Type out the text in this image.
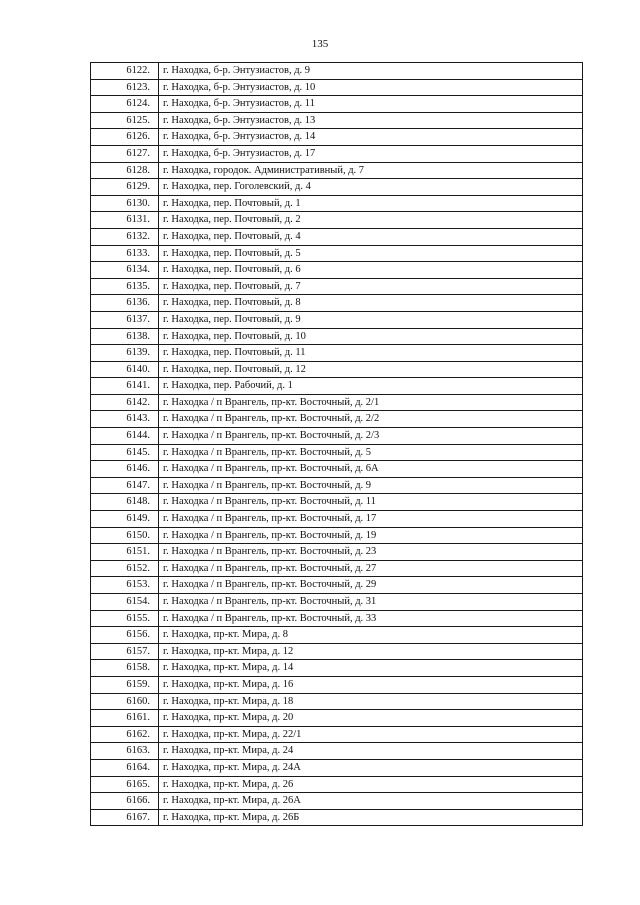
135
6122.	г. Находка, б-р. Энтузиастов, д. 9
6123.	г. Находка, б-р. Энтузиастов, д. 10
6124.	г. Находка, б-р. Энтузиастов, д. 11
6125.	г. Находка, б-р. Энтузиастов, д. 13
6126.	г. Находка, б-р. Энтузиастов, д. 14
6127.	г. Находка, б-р. Энтузиастов, д. 17
6128.	г. Находка, городок. Административный, д. 7
6129.	г. Находка, пер. Гоголевский, д. 4
6130.	г. Находка, пер. Почтовый, д. 1
6131.	г. Находка, пер. Почтовый, д. 2
6132.	г. Находка, пер. Почтовый, д. 4
6133.	г. Находка, пер. Почтовый, д. 5
6134.	г. Находка, пер. Почтовый, д. 6
6135.	г. Находка, пер. Почтовый, д. 7
6136.	г. Находка, пер. Почтовый, д. 8
6137.	г. Находка, пер. Почтовый, д. 9
6138.	г. Находка, пер. Почтовый, д. 10
6139.	г. Находка, пер. Почтовый, д. 11
6140.	г. Находка, пер. Почтовый, д. 12
6141.	г. Находка, пер. Рабочий, д. 1
6142.	г. Находка / п Врангель, пр-кт. Восточный, д. 2/1
6143.	г. Находка / п Врангель, пр-кт. Восточный, д. 2/2
6144.	г. Находка / п Врангель, пр-кт. Восточный, д. 2/3
6145.	г. Находка / п Врангель, пр-кт. Восточный, д. 5
6146.	г. Находка / п Врангель, пр-кт. Восточный, д. 6А
6147.	г. Находка / п Врангель, пр-кт. Восточный, д. 9
6148.	г. Находка / п Врангель, пр-кт. Восточный, д. 11
6149.	г. Находка / п Врангель, пр-кт. Восточный, д. 17
6150.	г. Находка / п Врангель, пр-кт. Восточный, д. 19
6151.	г. Находка / п Врангель, пр-кт. Восточный, д. 23
6152.	г. Находка / п Врангель, пр-кт. Восточный, д. 27
6153.	г. Находка / п Врангель, пр-кт. Восточный, д. 29
6154.	г. Находка / п Врангель, пр-кт. Восточный, д. 31
6155.	г. Находка / п Врангель, пр-кт. Восточный, д. 33
6156.	г. Находка, пр-кт. Мира, д. 8
6157.	г. Находка, пр-кт. Мира, д. 12
6158.	г. Находка, пр-кт. Мира, д. 14
6159.	г. Находка, пр-кт. Мира, д. 16
6160.	г. Находка, пр-кт. Мира, д. 18
6161.	г. Находка, пр-кт. Мира, д. 20
6162.	г. Находка, пр-кт. Мира, д. 22/1
6163.	г. Находка, пр-кт. Мира, д. 24
6164.	г. Находка, пр-кт. Мира, д. 24А
6165.	г. Находка, пр-кт. Мира, д. 26
6166.	г. Находка, пр-кт. Мира, д. 26А
6167.	г. Находка, пр-кт. Мира, д. 26Б
